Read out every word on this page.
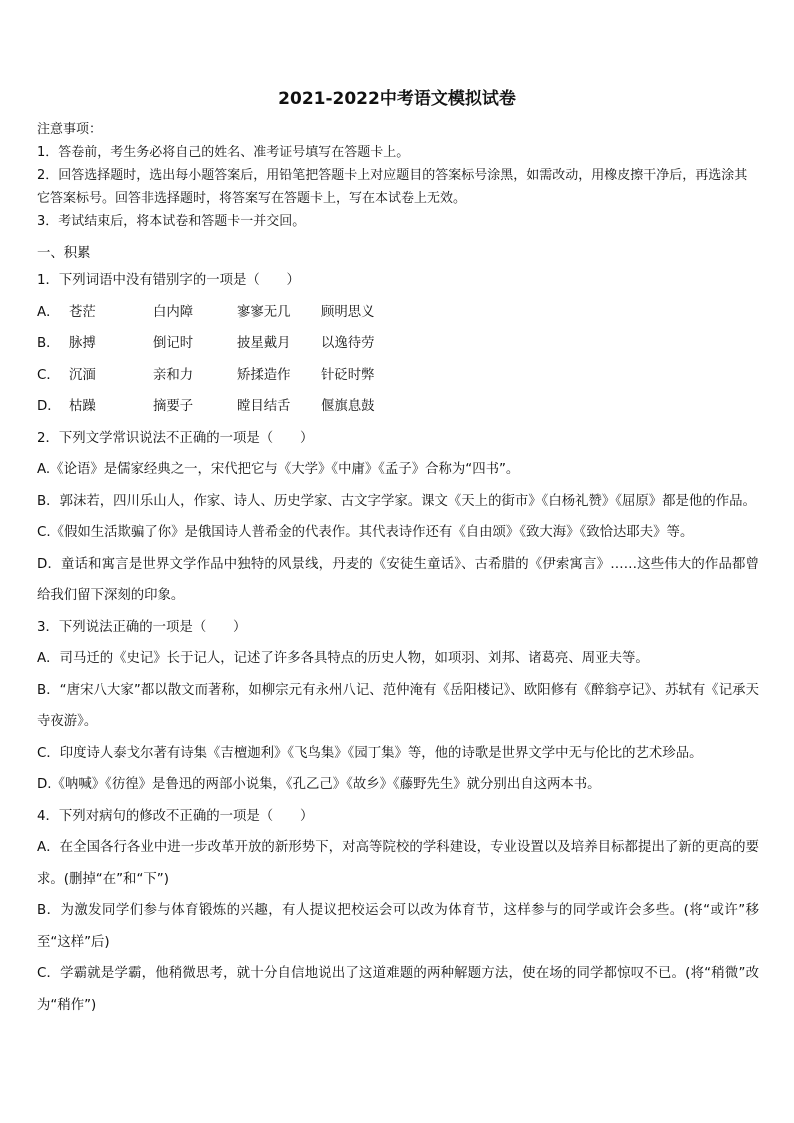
2021-2022中考语文模拟试卷
注意事项：
1．答卷前，考生务必将自己的姓名、准考证号填写在答题卡上。
2．回答选择题时，选出每小题答案后，用铅笔把答题卡上对应题目的答案标号涂黑，如需改动，用橡皮擦干净后，再选涂其它答案标号。回答非选择题时，将答案写在答题卡上，写在本试卷上无效。
3．考试结束后，将本试卷和答题卡一并交回。
一、积累
1．下列词语中没有错别字的一项是（　　）
A． 苍茫	白内障	寥寥无几 顾明思义
B． 脉搏	倒记时	披星戴月 以逸待劳
C． 沉湎	亲和力	矫揉造作 针砭时弊
D． 枯躁	摘要子	瞠目结舌 偃旗息鼓
2．下列文学常识说法不正确的一项是（　　）
A.《论语》是儒家经典之一，宋代把它与《大学》《中庸》《孟子》合称为“四书”。
B．郭沫若，四川乐山人，作家、诗人、历史学家、古文字学家。课文《天上的街市》《白杨礼赞》《屈原》都是他的作品。
C.《假如生活欺骗了你》是俄国诗人普希金的代表作。其代表诗作还有《自由颂》《致大海》《致恰达耶夫》等。
D．童话和寓言是世界文学作品中独特的风景线，丹麦的《安徒生童话》、古希腊的《伊索寓言》……这些伟大的作品都曾给我们留下深刻的印象。
3．下列说法正确的一项是（　　）
A．司马迁的《史记》长于记人，记述了许多各具特点的历史人物，如项羽、刘邦、诸葛亮、周亚夫等。
B．“唐宋八大家”都以散文而著称，如柳宗元有永州八记、范仲淹有《岳阳楼记》、欧阳修有《醉翁亭记》、苏轼有《记承天寺夜游》。
C．印度诗人泰戈尔著有诗集《吉檀迦利》《飞鸟集》《园丁集》等，他的诗歌是世界文学中无与伦比的艺术珍品。
D.《呐喊》《彷徨》是鲁迅的两部小说集，《孔乙己》《故乡》《藤野先生》就分别出自这两本书。
4．下列对病句的修改不正确的一项是（　　）
A．在全国各行各业中进一步改革开放的新形势下，对高等院校的学科建设，专业设置以及培养目标都提出了新的更高的要求。(删掉“在”和“下”)
B．为激发同学们参与体育锻炼的兴趣，有人提议把校运会可以改为体育节，这样参与的同学或许会多些。(将“或许”移至“这样”后)
C．学霸就是学霸，他稍微思考，就十分自信地说出了这道难题的两种解题方法，使在场的同学都惊叹不已。(将“稍微”改为“稍作”)
